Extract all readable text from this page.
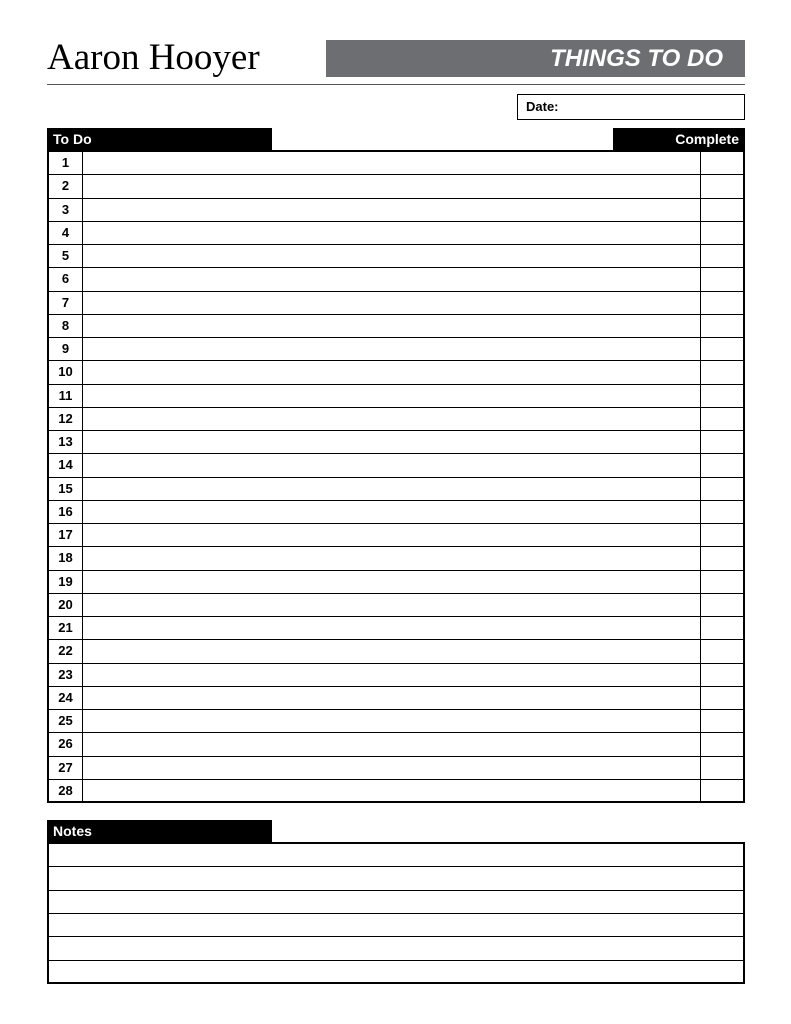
Aaron Hooyer	THINGS TO DO
Date:
To Do	Complete
1
2
3
4
5
6
7
8
9
10
11
12
13
14
15
16
17
18
19
20
21
22
23
24
25
26
27
28
Notes
